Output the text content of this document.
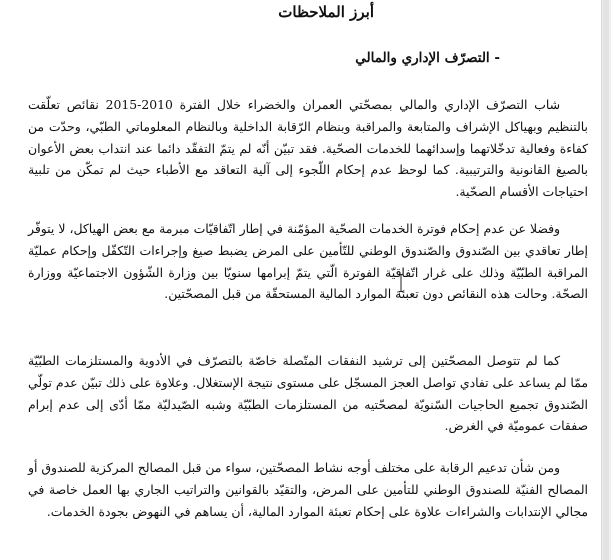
أبرز الملاحظات
- التصرّف الإداري والمالي
شاب التصرّف الإداري والمالي بمصحّتي العمران والخضراء خلال الفترة 2010-2015 نقائص تعلّقت بالتنظيم وبهياكل الإشراف والمتابعة والمراقبة وبنظام الرّقابة الداخلية وبالنظام المعلوماتي الطبّي، وحدّت من كفاءة وفعالية تدخّلاتهما وإسدائهما للخدمات الصحّية. فقد تبيّن أنّه لم يتمّ التفقّد دائما عند انتداب بعض الأعوان بالصيغ القانونية والترتيبية. كما لوحظ عدم إحكام اللّجوء إلى آلية التعاقد مع الأطباء حيث لم تمكّن من تلبية احتياجات الأقسام الصحّية.
وفضلا عن عدم إحكام فوترة الخدمات الصحّية المؤمّنة في إطار اتّفاقيّات مبرمة مع بعض الهياكل، لا يتوفّر إطار تعاقدي بين الصّندوق والصّندوق الوطني للتّأمين على المرض يضبط صيغ وإجراءات التّكفّل وإحكام عمليّة المراقبة الطبّيّة وذلك على غرار اتّفاقيّة الفوترة الّتي يتمّ إبرامها سنويّا بين وزارة الشّؤون الاجتماعيّة ووزارة الصحّة. وحالت هذه النقائص دون تعبئة الموارد المالية المستحقّة من قبل المصحّتين.
كما لم تتوصل المصحّتين إلى ترشيد النفقات المتّصلة خاصّة بالتصرّف في الأدوية والمستلزمات الطبّيّة ممّا لم يساعد على تفادي تواصل العجز المسجّل على مستوى نتيجة الإستغلال. وعلاوة على ذلك تبيّن عدم تولّي الصّندوق تجميع الحاجيات السّنويّة لمصحّتيه من المستلزمات الطبّيّة وشبه الصّيدليّة ممّا أدّى إلى عدم إبرام صفقات عموميّة في الغرض.
ومن شأن تدعيم الرقابة على مختلف أوجه نشاط المصحّتين، سواء من قبل المصالح المركزية للصندوق أو المصالح الفنيّة للصندوق الوطني للتأمين على المرض، والتقيّد بالقوانين والتراتيب الجاري بها العمل خاصة في مجالي الإنتدابات والشراءات علاوة على إحكام تعبئة الموارد المالية، أن يساهم في النهوض بجودة الخدمات.
